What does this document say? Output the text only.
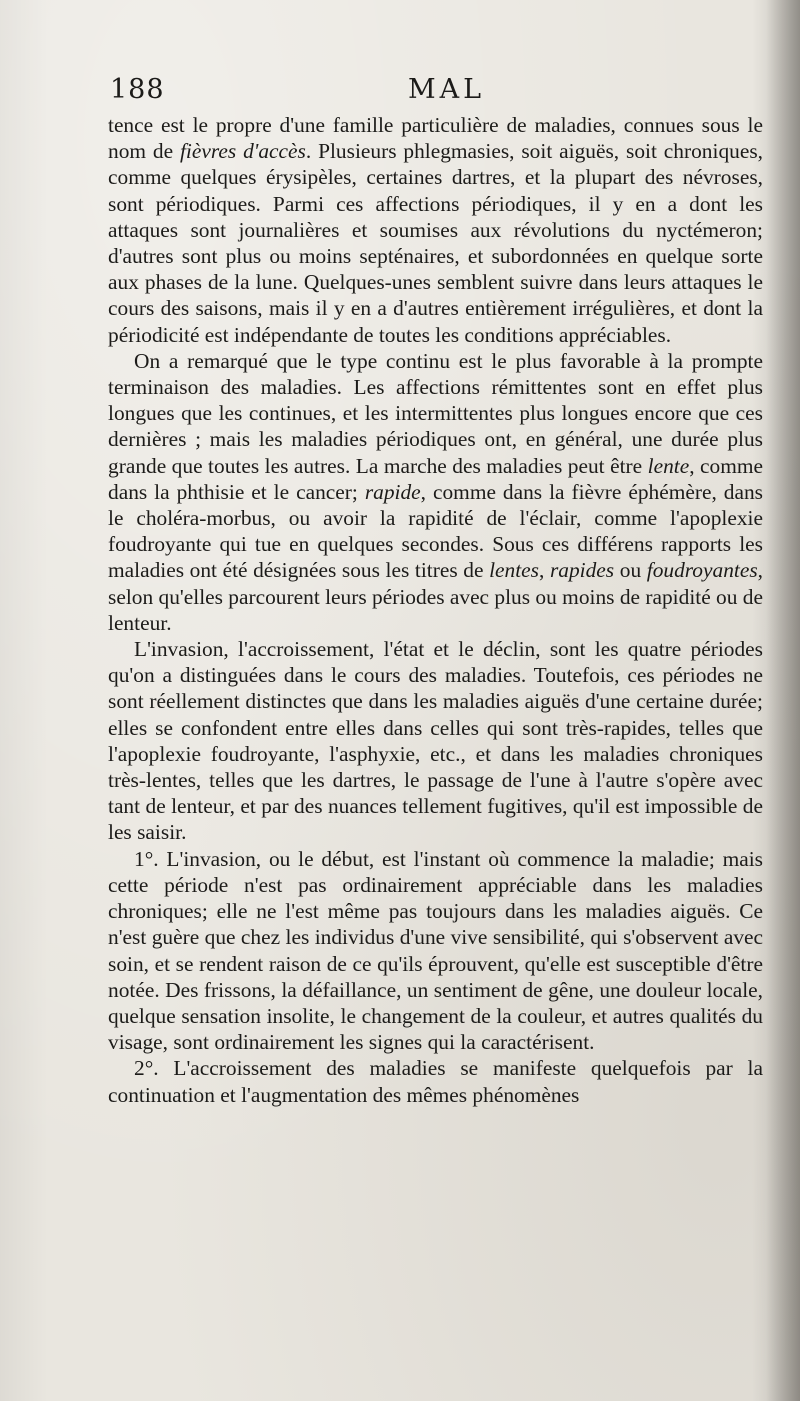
188	MAL

tence est le propre d'une famille particulière de maladies, connues sous le nom de fièvres d'accès. Plusieurs phlegmasies, soit aiguës, soit chroniques, comme quelques érysipèles, certaines dartres, et la plupart des névroses, sont périodiques. Parmi ces affections périodiques, il y en a dont les attaques sont journalières et soumises aux révolutions du nyctémeron; d'autres sont plus ou moins septénaires, et subordonnées en quelque sorte aux phases de la lune. Quelques-unes semblent suivre dans leurs attaques le cours des saisons, mais il y en a d'autres entièrement irrégulières, et dont la périodicité est indépendante de toutes les conditions appréciables.

On a remarqué que le type continu est le plus favorable à la prompte terminaison des maladies. Les affections rémittentes sont en effet plus longues que les continues, et les intermittentes plus longues encore que ces dernières ; mais les maladies périodiques ont, en général, une durée plus grande que toutes les autres. La marche des maladies peut être lente, comme dans la phthisie et le cancer; rapide, comme dans la fièvre éphémère, dans le choléra-morbus, ou avoir la rapidité de l'éclair, comme l'apoplexie foudroyante qui tue en quelques secondes. Sous ces différens rapports les maladies ont été désignées sous les titres de lentes, rapides ou foudroyantes, selon qu'elles parcourent leurs périodes avec plus ou moins de rapidité ou de lenteur.

L'invasion, l'accroissement, l'état et le déclin, sont les quatre périodes qu'on a distinguées dans le cours des maladies. Toutefois, ces périodes ne sont réellement distinctes que dans les maladies aiguës d'une certaine durée; elles se confondent entre elles dans celles qui sont très-rapides, telles que l'apoplexie foudroyante, l'asphyxie, etc., et dans les maladies chroniques très-lentes, telles que les dartres, le passage de l'une à l'autre s'opère avec tant de lenteur, et par des nuances tellement fugitives, qu'il est impossible de les saisir.

1°. L'invasion, ou le début, est l'instant où commence la maladie; mais cette période n'est pas ordinairement appréciable dans les maladies chroniques; elle ne l'est même pas toujours dans les maladies aiguës. Ce n'est guère que chez les individus d'une vive sensibilité, qui s'observent avec soin, et se rendent raison de ce qu'ils éprouvent, qu'elle est susceptible d'être notée. Des frissons, la défaillance, un sentiment de gêne, une douleur locale, quelque sensation insolite, le changement de la couleur, et autres qualités du visage, sont ordinairement les signes qui la caractérisent.

2°. L'accroissement des maladies se manifeste quelquefois par la continuation et l'augmentation des mêmes phénomènes
